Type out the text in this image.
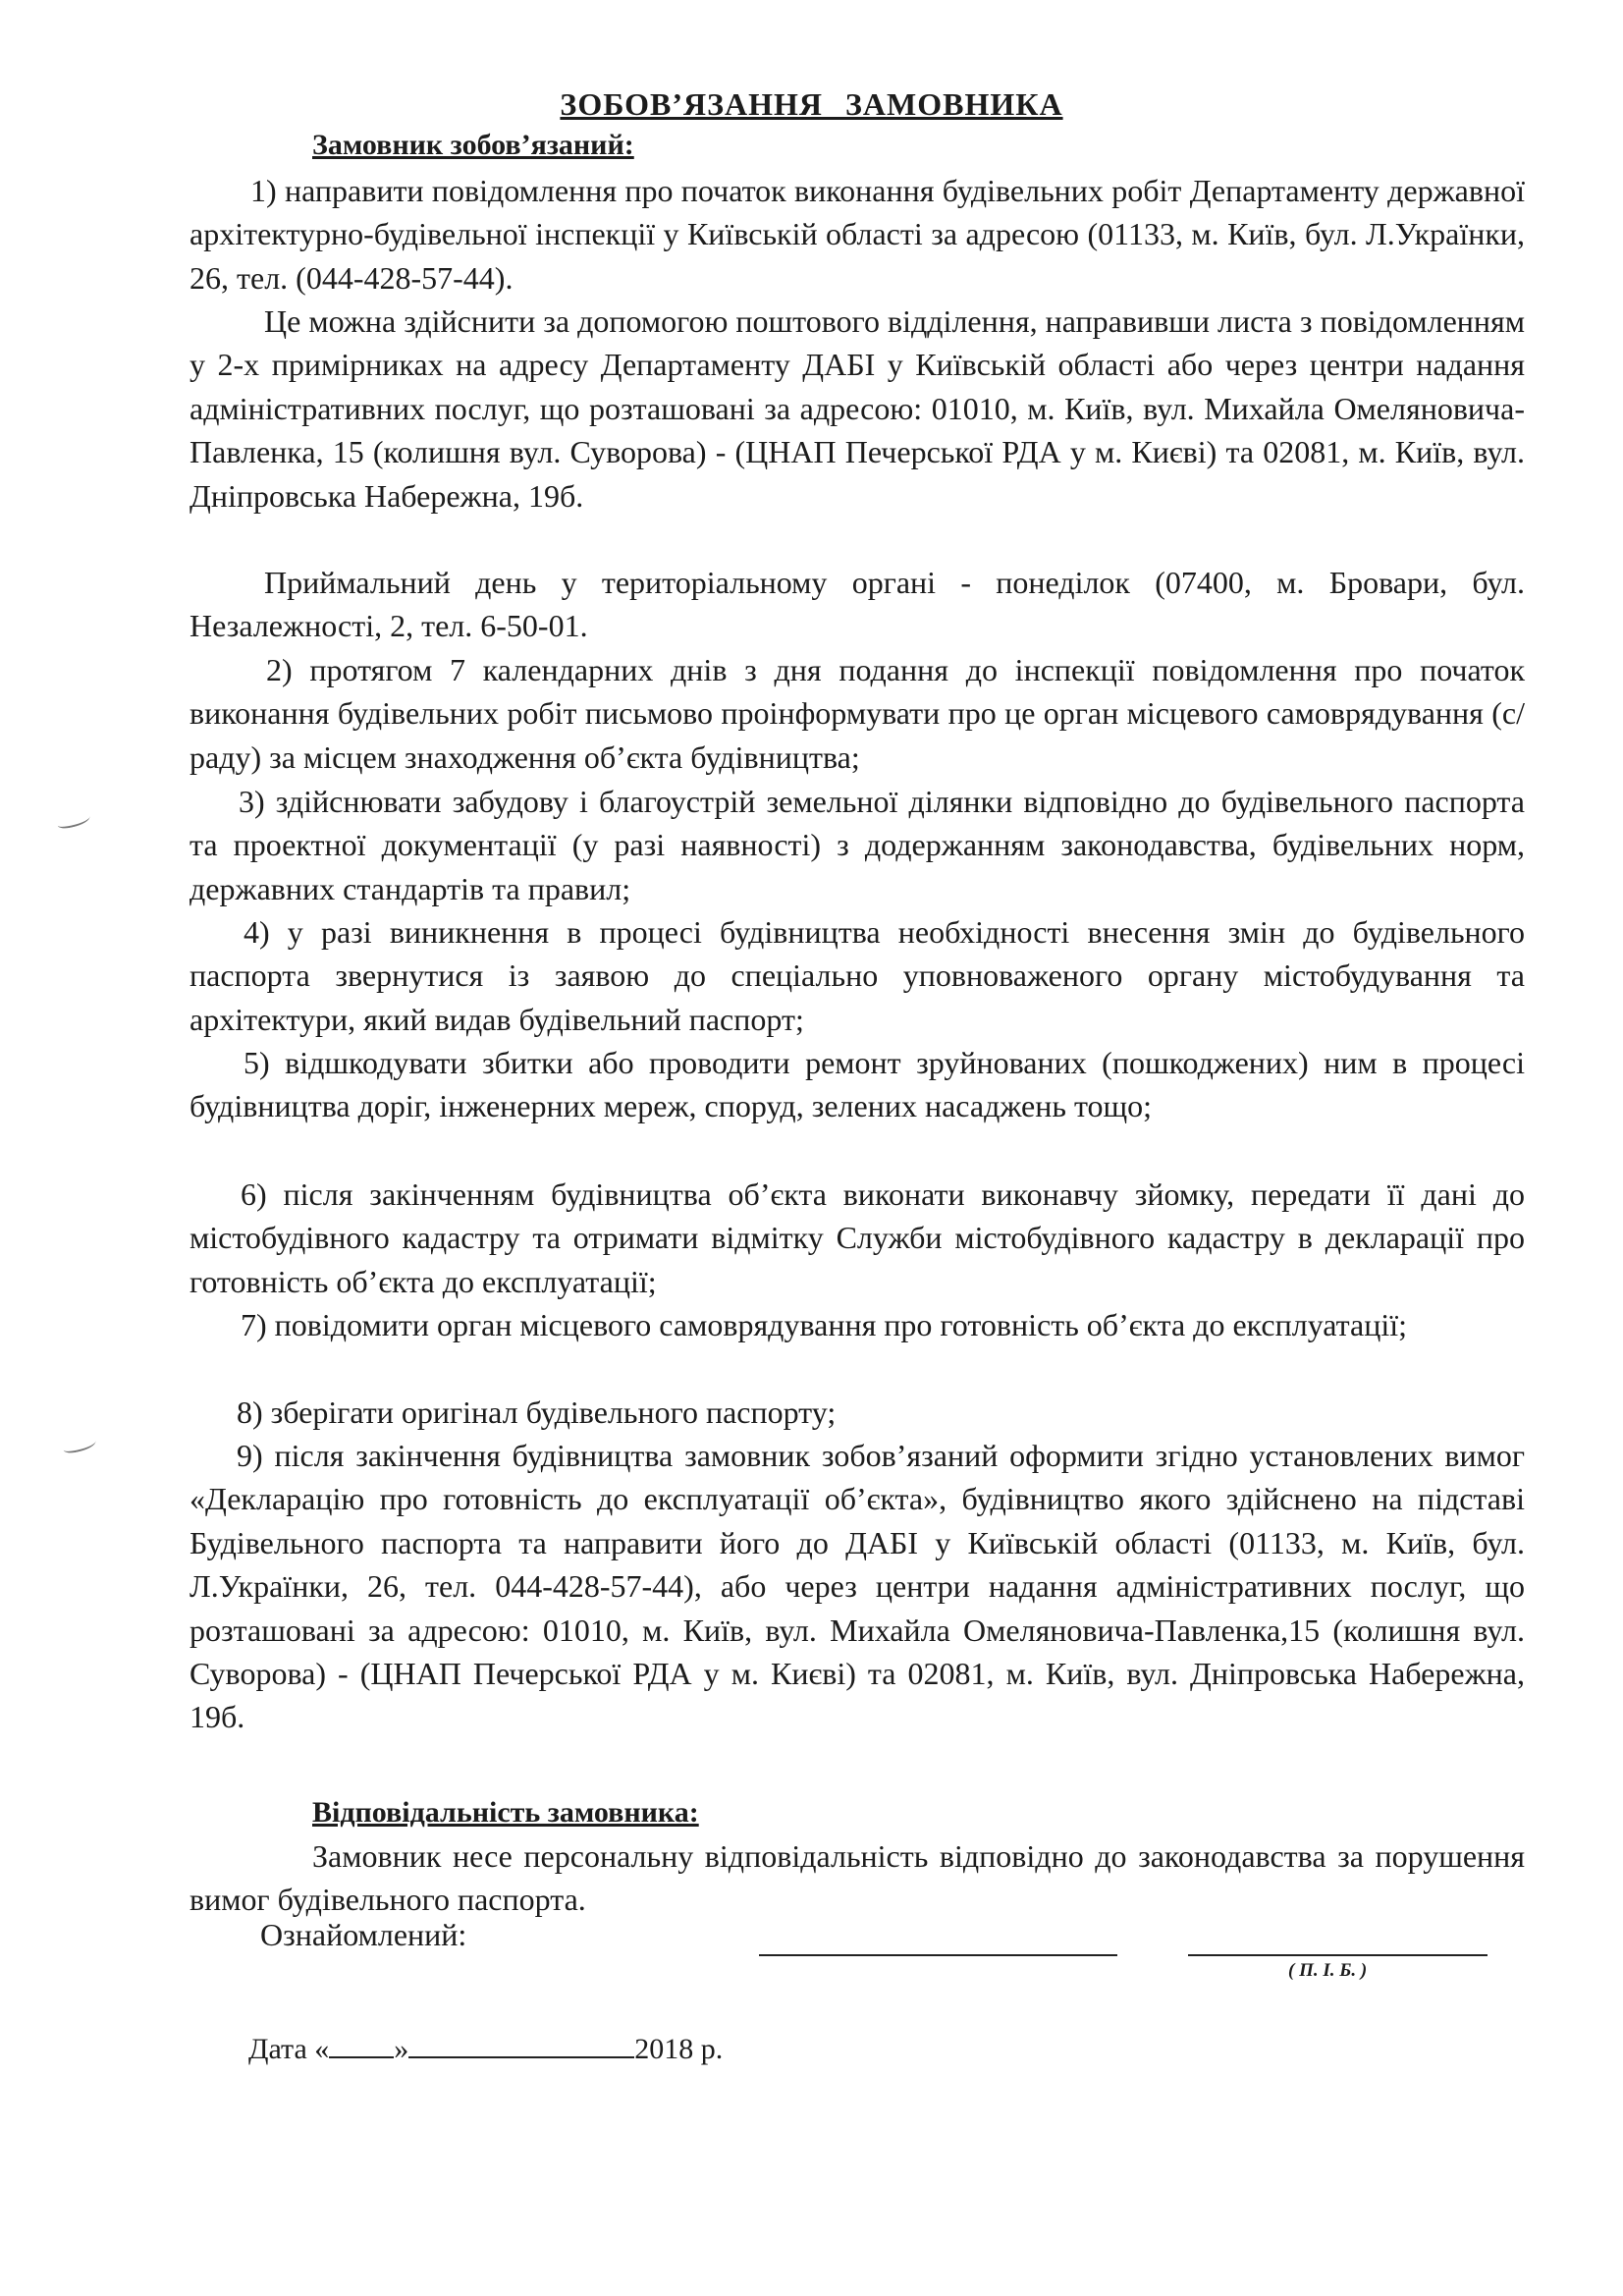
ЗОБОВ’ЯЗАННЯ ЗАМОВНИКА
Замовник зобов’язаний:
1) направити повідомлення про початок виконання будівельних робіт Департаменту державної архітектурно-будівельної інспекції у Київській області за адресою (01133, м. Київ, бул. Л.Українки, 26, тел. (044-428-57-44).
Це можна здійснити за допомогою поштового відділення, направивши листа з повідомленням у 2-х примірниках на адресу Департаменту ДАБІ у Київській області або через центри надання адміністративних послуг, що розташовані за адресою: 01010, м. Київ, вул. Михайла Омеляновича-Павленка, 15 (колишня вул. Суворова) - (ЦНАП Печерської РДА у м. Києві) та 02081, м. Київ, вул. Дніпровська Набережна, 19б.
Приймальний день у територіальному органі - понеділок (07400, м. Бровари, бул. Незалежності, 2, тел. 6-50-01.
2) протягом 7 календарних днів з дня подання до інспекції повідомлення про початок виконання будівельних робіт письмово проінформувати про це орган місцевого самоврядування (с/раду) за місцем знаходження об’єкта будівництва;
3) здійснювати забудову і благоустрій земельної ділянки відповідно до будівельного паспорта та проектної документації (у разі наявності) з додержанням законодавства, будівельних норм, державних стандартів та правил;
4) у разі виникнення в процесі будівництва необхідності внесення змін до будівельного паспорта звернутися із заявою до спеціально уповноваженого органу містобудування та архітектури, який видав будівельний паспорт;
5) відшкодувати збитки або проводити ремонт зруйнованих (пошкоджених) ним в процесі будівництва доріг, інженерних мереж, споруд, зелених насаджень тощо;
6) після закінченням будівництва об’єкта виконати виконавчу зйомку, передати її дані до містобудівного кадастру та отримати відмітку Служби містобудівного кадастру в декларації про готовність об’єкта до експлуатації;
7) повідомити орган місцевого самоврядування про готовність об’єкта до експлуатації;
8) зберігати оригінал будівельного паспорту;
9) після закінчення будівництва замовник зобов’язаний оформити згідно установлених вимог «Декларацію про готовність до експлуатації об’єкта», будівництво якого здійснено на підставі Будівельного паспорта та направити його до ДАБІ у Київській області (01133, м. Київ, бул. Л.Українки, 26, тел. 044-428-57-44), або через центри надання адміністративних послуг, що розташовані за адресою: 01010, м. Київ, вул. Михайла Омеляновича-Павленка,15 (колишня вул. Суворова) - (ЦНАП Печерської РДА у м. Києві) та 02081, м. Київ, вул. Дніпровська Набережна, 19б.
Відповідальність замовника:
Замовник несе персональну відповідальність відповідно до законодавства за порушення вимог будівельного паспорта.
Ознайомлений:
( П. І. Б. )
Дата « »	2018 р.
